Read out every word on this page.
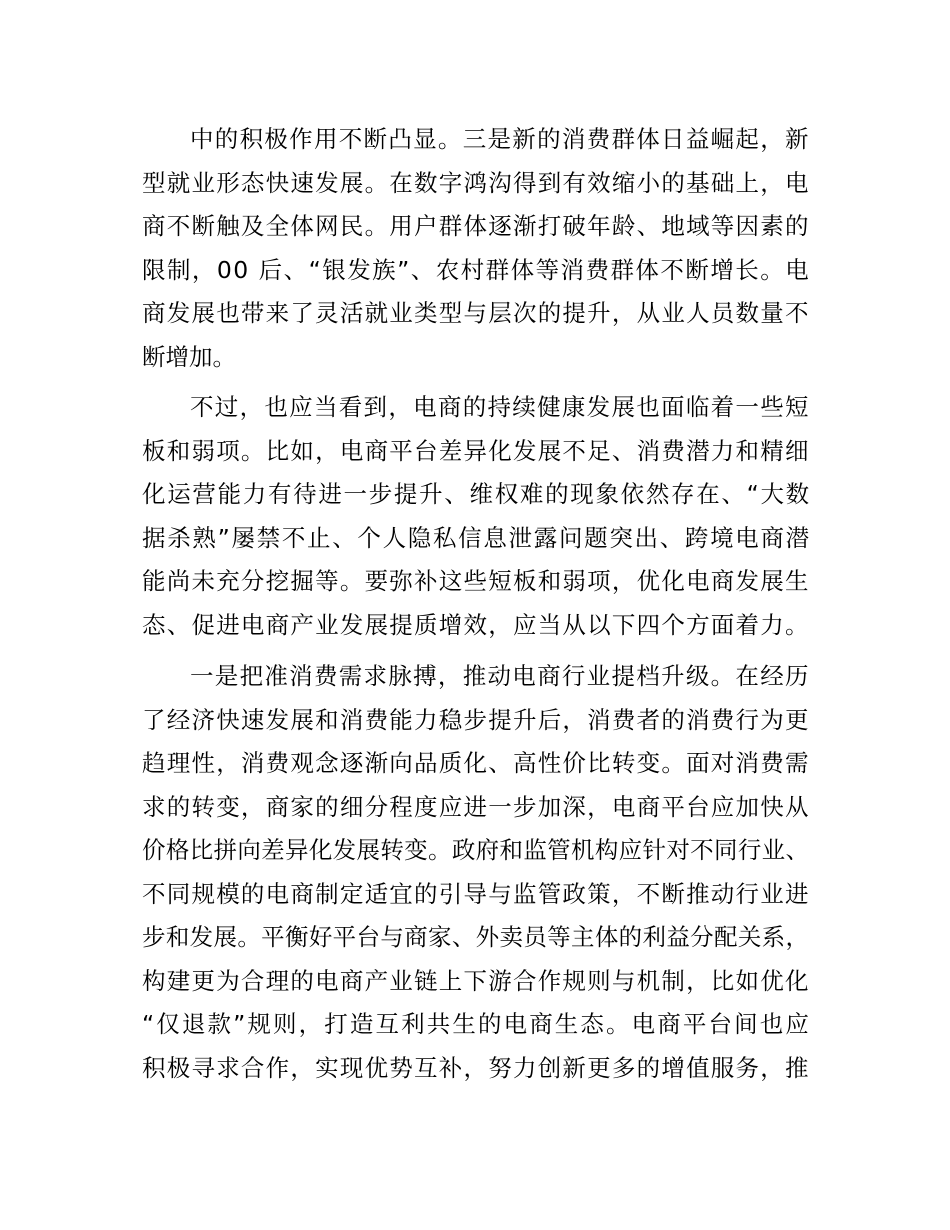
中的积极作用不断凸显。三是新的消费群体日益崛起，新
型就业形态快速发展。在数字鸿沟得到有效缩小的基础上，电
商不断触及全体网民。用户群体逐渐打破年龄、地域等因素的
限制，00 后、“银发族”、农村群体等消费群体不断增长。电
商发展也带来了灵活就业类型与层次的提升，从业人员数量不
断增加。
不过，也应当看到，电商的持续健康发展也面临着一些短
板和弱项。比如，电商平台差异化发展不足、消费潜力和精细
化运营能力有待进一步提升、维权难的现象依然存在、“大数
据杀熟”屡禁不止、个人隐私信息泄露问题突出、跨境电商潜
能尚未充分挖掘等。要弥补这些短板和弱项，优化电商发展生
态、促进电商产业发展提质增效，应当从以下四个方面着力。
一是把准消费需求脉搏，推动电商行业提档升级。在经历
了经济快速发展和消费能力稳步提升后，消费者的消费行为更
趋理性，消费观念逐渐向品质化、高性价比转变。面对消费需
求的转变，商家的细分程度应进一步加深，电商平台应加快从
价格比拼向差异化发展转变。政府和监管机构应针对不同行业、
不同规模的电商制定适宜的引导与监管政策，不断推动行业进
步和发展。平衡好平台与商家、外卖员等主体的利益分配关系，
构建更为合理的电商产业链上下游合作规则与机制，比如优化
“仅退款”规则，打造互利共生的电商生态。电商平台间也应
积极寻求合作，实现优势互补，努力创新更多的增值服务，推
